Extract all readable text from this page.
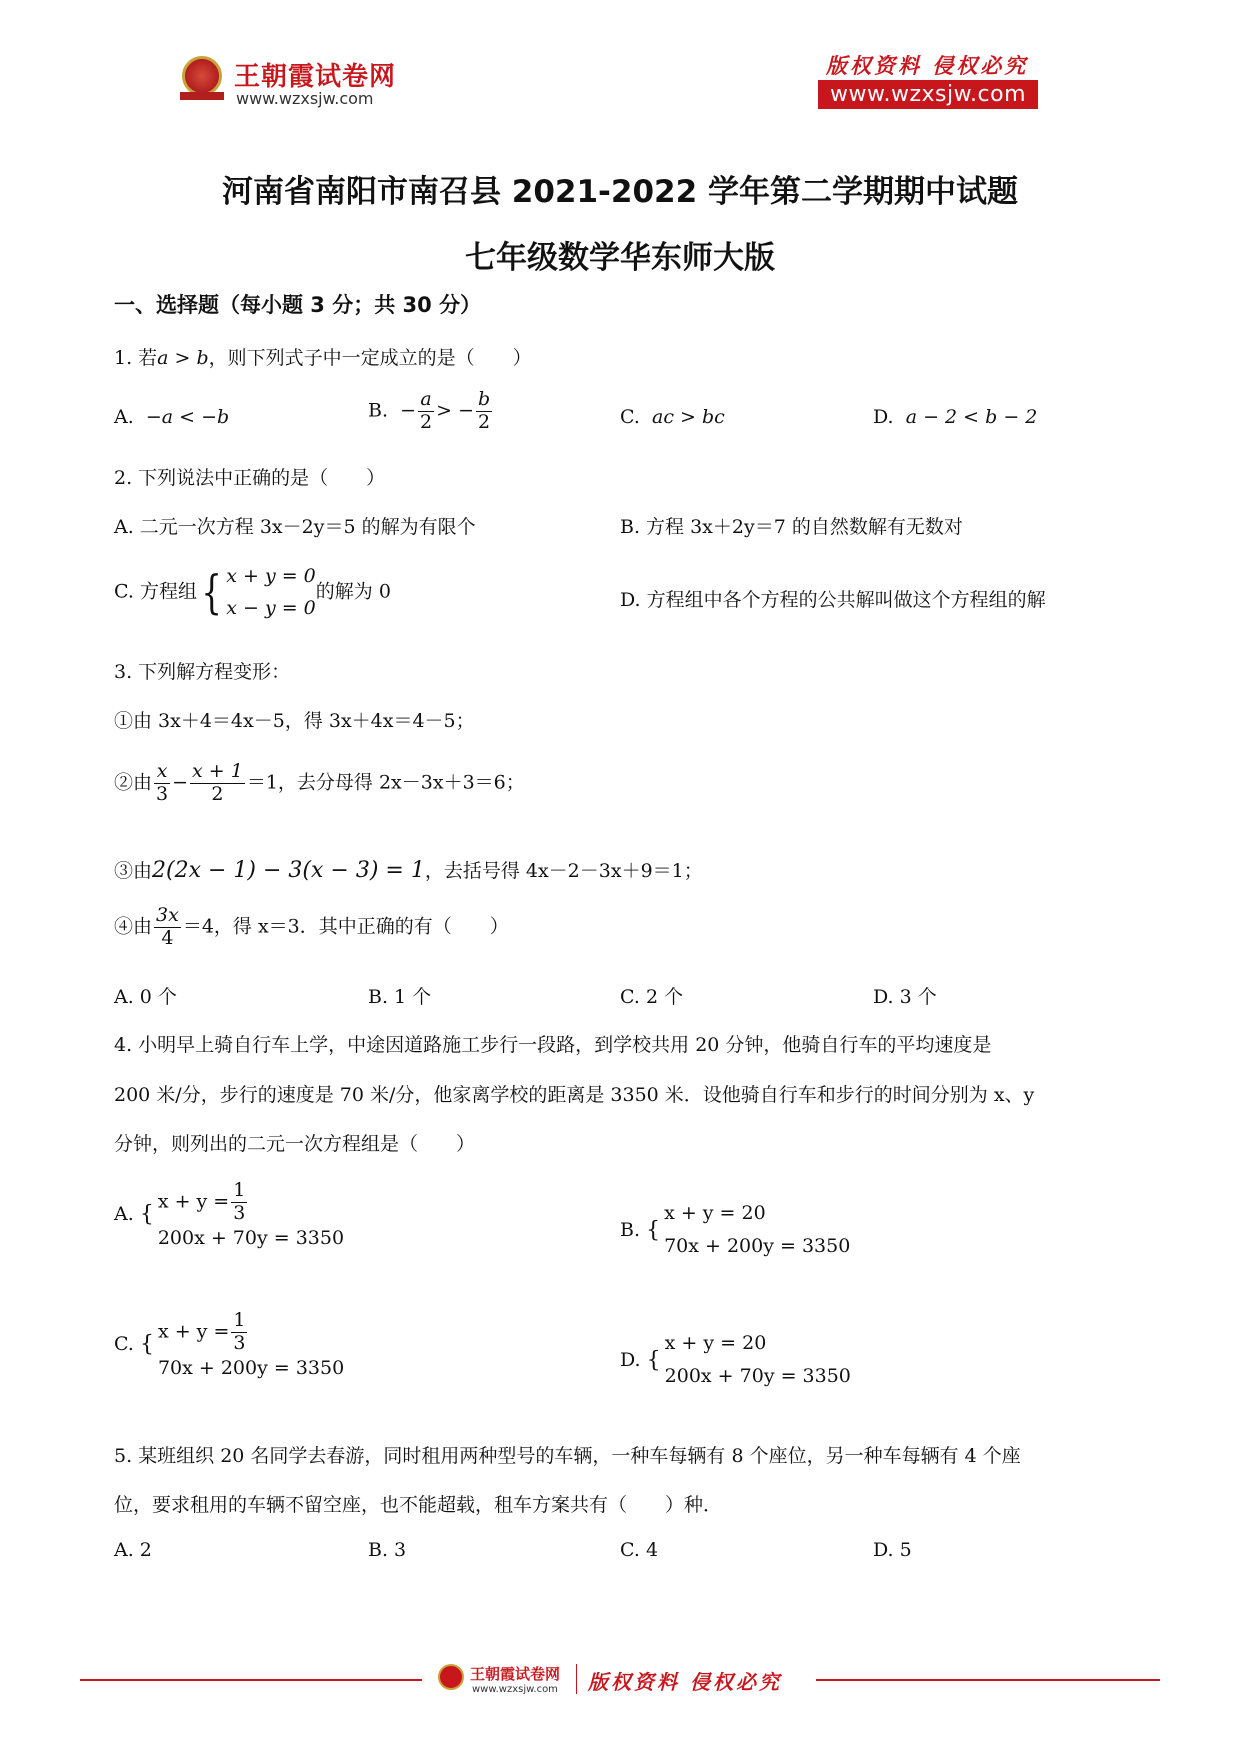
王朝霞试卷网
www.wzxsjw.com
版权资料 侵权必究
www.wzxsjw.com
河南省南阳市南召县 2021-2022 学年第二学期期中试题
七年级数学华东师大版
一、选择题（每小题 3 分；共 30 分）
1. 若a > b，则下列式子中一定成立的是（　　）
A. −a < −b	B. − $\frac{a}{2}$ > − $\frac{b}{2}$	C. ac > bc	D. a − 2 < b − 2
2. 下列说法中正确的是（　　）
A. 二元一次方程 3x－2y＝5 的解为有限个	B. 方程 3x＋2y＝7 的自然数解有无数对
C. 方程组{ x + y = 0
x − y = 0
的解为 0	D. 方程组中各个方程的公共解叫做这个方程组的解
3. 下列解方程变形：
①由 3x＋4＝4x－5，得 3x＋4x＝4－5；
②由 $\frac{x}{3} - \frac{x + 1}{2} =1$，去分母得 2x－3x＋3＝6；
③由2(2x − 1) − 3(x − 3) = 1，去括号得 4x－2－3x＋9＝1；
④由 $\frac{3x}{4} =4$，得 x＝3．其中正确的有（　　）
A. 0 个	B. 1 个	C. 2 个	D. 3 个
4. 小明早上骑自行车上学，中途因道路施工步行一段路，到学校共用 20 分钟，他骑自行车的平均速度是
200 米/分，步行的速度是 70 米/分，他家离学校的距离是 3350 米．设他骑自行车和步行的时间分别为 x、y
分钟，则列出的二元一次方程组是（　　）
A.
{
$x + y = \frac{1}{3}$
200x + 70y = 3350	B.
{
x + y = 20
70x + 200y = 3350
C.
{
$x + y = \frac{1}{3}$
70x + 200y = 3350	D.
{
x + y = 20
200x + 70y = 3350
5. 某班组织 20 名同学去春游，同时租用两种型号的车辆，一种车每辆有 8 个座位，另一种车每辆有 4 个座
位，要求租用的车辆不留空座，也不能超载，租车方案共有（　　）种．
A. 2	B. 3	C. 4	D. 5
王朝霞试卷网
www.wzxsjw.com 版权资料 侵权必究
